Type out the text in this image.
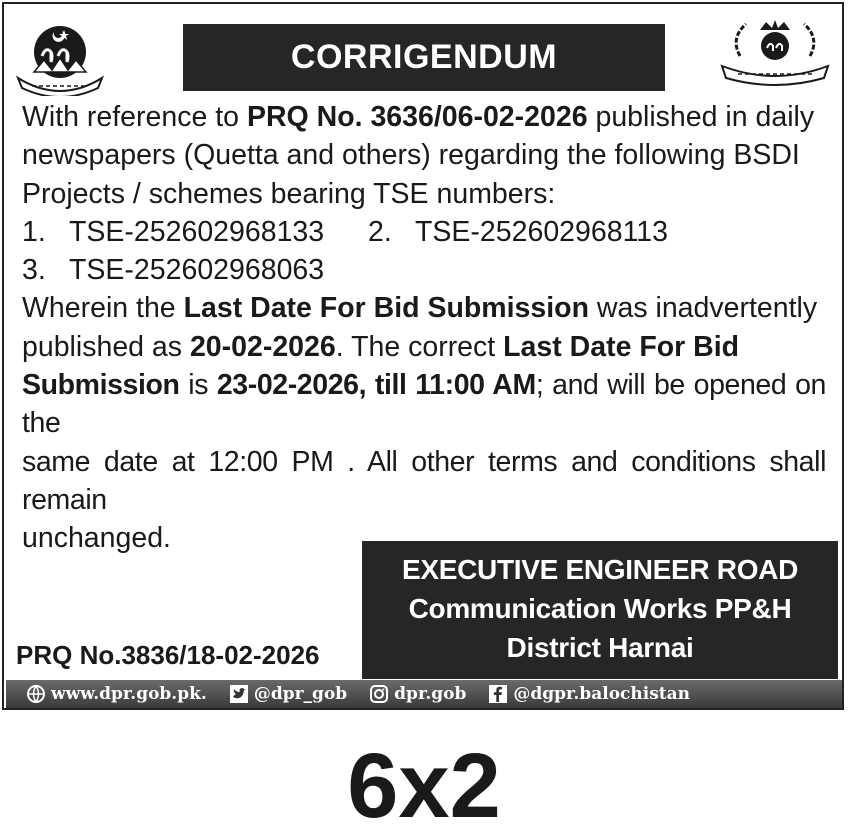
CORRIGENDUM

With reference to PRQ No. 3636/06-02-2026 published in daily

newspapers (Quetta and others) regarding the following BSDI

Projects / schemes bearing TSE numbers:

1. TSE-252602968133 2. TSE-252602968113
3. TSE-252602968063

Wherein the Last Date For Bid Submission was inadvertently

published as 20-02-2026. The correct Last Date For Bid

Submission is 23-02-2026, till 11:00 AM; and will be opened on the

same date at 12:00 PM . All other terms and conditions shall remain

unchanged.

EXECUTIVE ENGINEER ROAD
Communication Works PP&H
District Harnai
PRQ No.3836/18-02-2026
www.dpr.gob.pk.	@dpr_gob	dpr.gob	@dgpr.balochistan
6x2
